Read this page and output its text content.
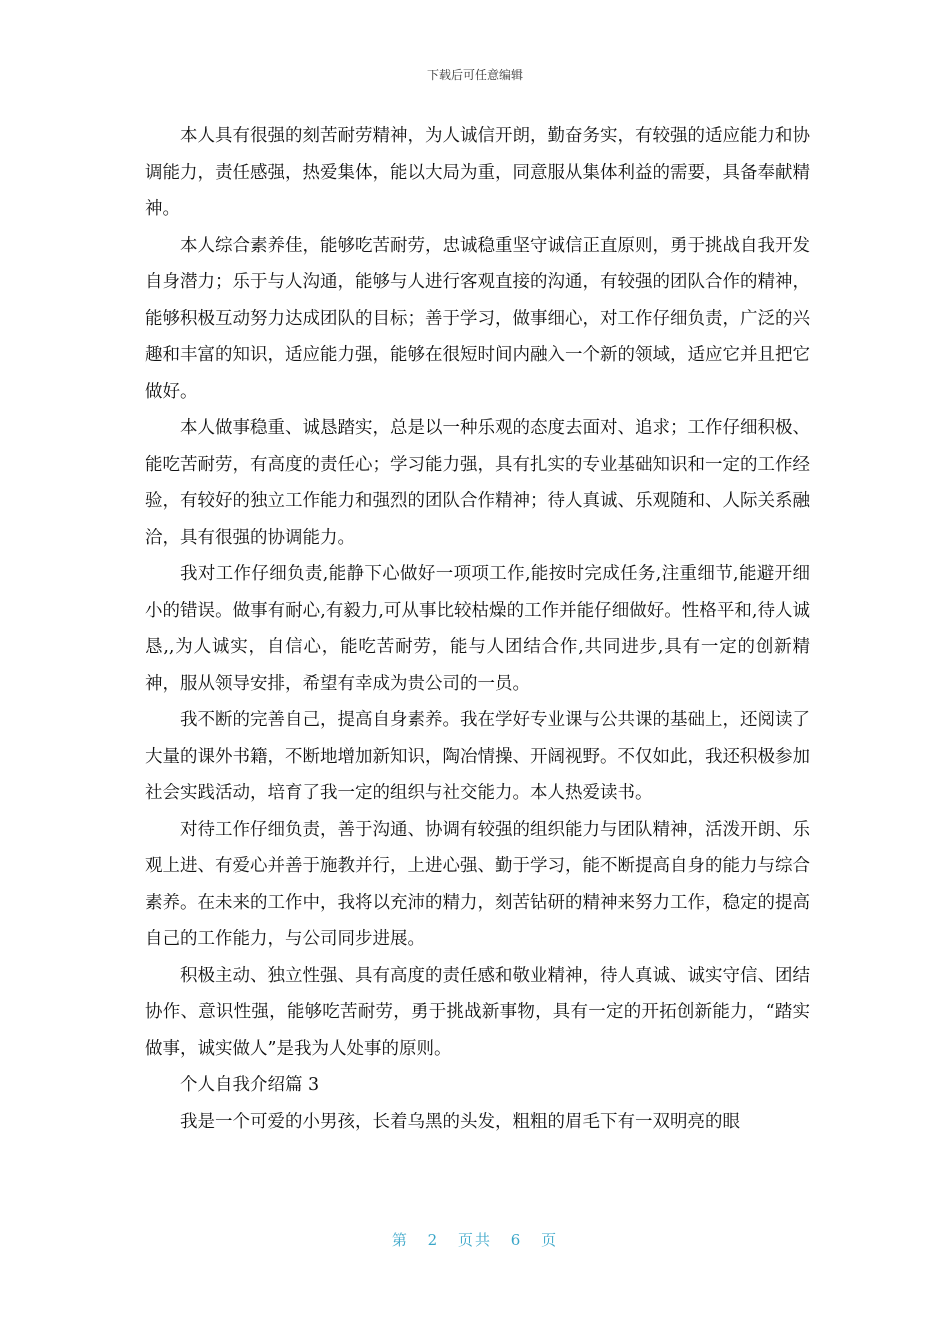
下载后可任意编辑

本人具有很强的刻苦耐劳精神，为人诚信开朗，勤奋务实，有较强的适应能力和协调能力，责任感强，热爱集体，能以大局为重，同意服从集体利益的需要，具备奉献精神。

本人综合素养佳，能够吃苦耐劳，忠诚稳重坚守诚信正直原则，勇于挑战自我开发自身潜力；乐于与人沟通，能够与人进行客观直接的沟通，有较强的团队合作的精神，能够积极互动努力达成团队的目标；善于学习，做事细心，对工作仔细负责，广泛的兴趣和丰富的知识，适应能力强，能够在很短时间内融入一个新的领域，适应它并且把它做好。

本人做事稳重、诚恳踏实，总是以一种乐观的态度去面对、追求；工作仔细积极、能吃苦耐劳，有高度的责任心；学习能力强，具有扎实的专业基础知识和一定的工作经验，有较好的独立工作能力和强烈的团队合作精神；待人真诚、乐观随和、人际关系融洽，具有很强的协调能力。

我对工作仔细负责,能静下心做好一项项工作,能按时完成任务,注重细节,能避开细小的错误。做事有耐心,有毅力,可从事比较枯燥的工作并能仔细做好。性格平和,待人诚恳,,为人诚实，自信心，能吃苦耐劳，能与人团结合作,共同进步,具有一定的创新精神，服从领导安排，希望有幸成为贵公司的一员。

我不断的完善自己，提高自身素养。我在学好专业课与公共课的基础上，还阅读了大量的课外书籍，不断地增加新知识，陶冶情操、开阔视野。不仅如此，我还积极参加社会实践活动，培育了我一定的组织与社交能力。本人热爱读书。

对待工作仔细负责，善于沟通、协调有较强的组织能力与团队精神，活泼开朗、乐观上进、有爱心并善于施教并行，上进心强、勤于学习，能不断提高自身的能力与综合素养。在未来的工作中，我将以充沛的精力，刻苦钻研的精神来努力工作，稳定的提高自己的工作能力，与公司同步进展。

积极主动、独立性强、具有高度的责任感和敬业精神，待人真诚、诚实守信、团结协作、意识性强，能够吃苦耐劳，勇于挑战新事物，具有一定的开拓创新能力，“踏实做事，诚实做人”是我为人处事的原则。

个人自我介绍篇 3

我是一个可爱的小男孩，长着乌黑的头发，粗粗的眉毛下有一双明亮的眼

第 2 页共 6 页
